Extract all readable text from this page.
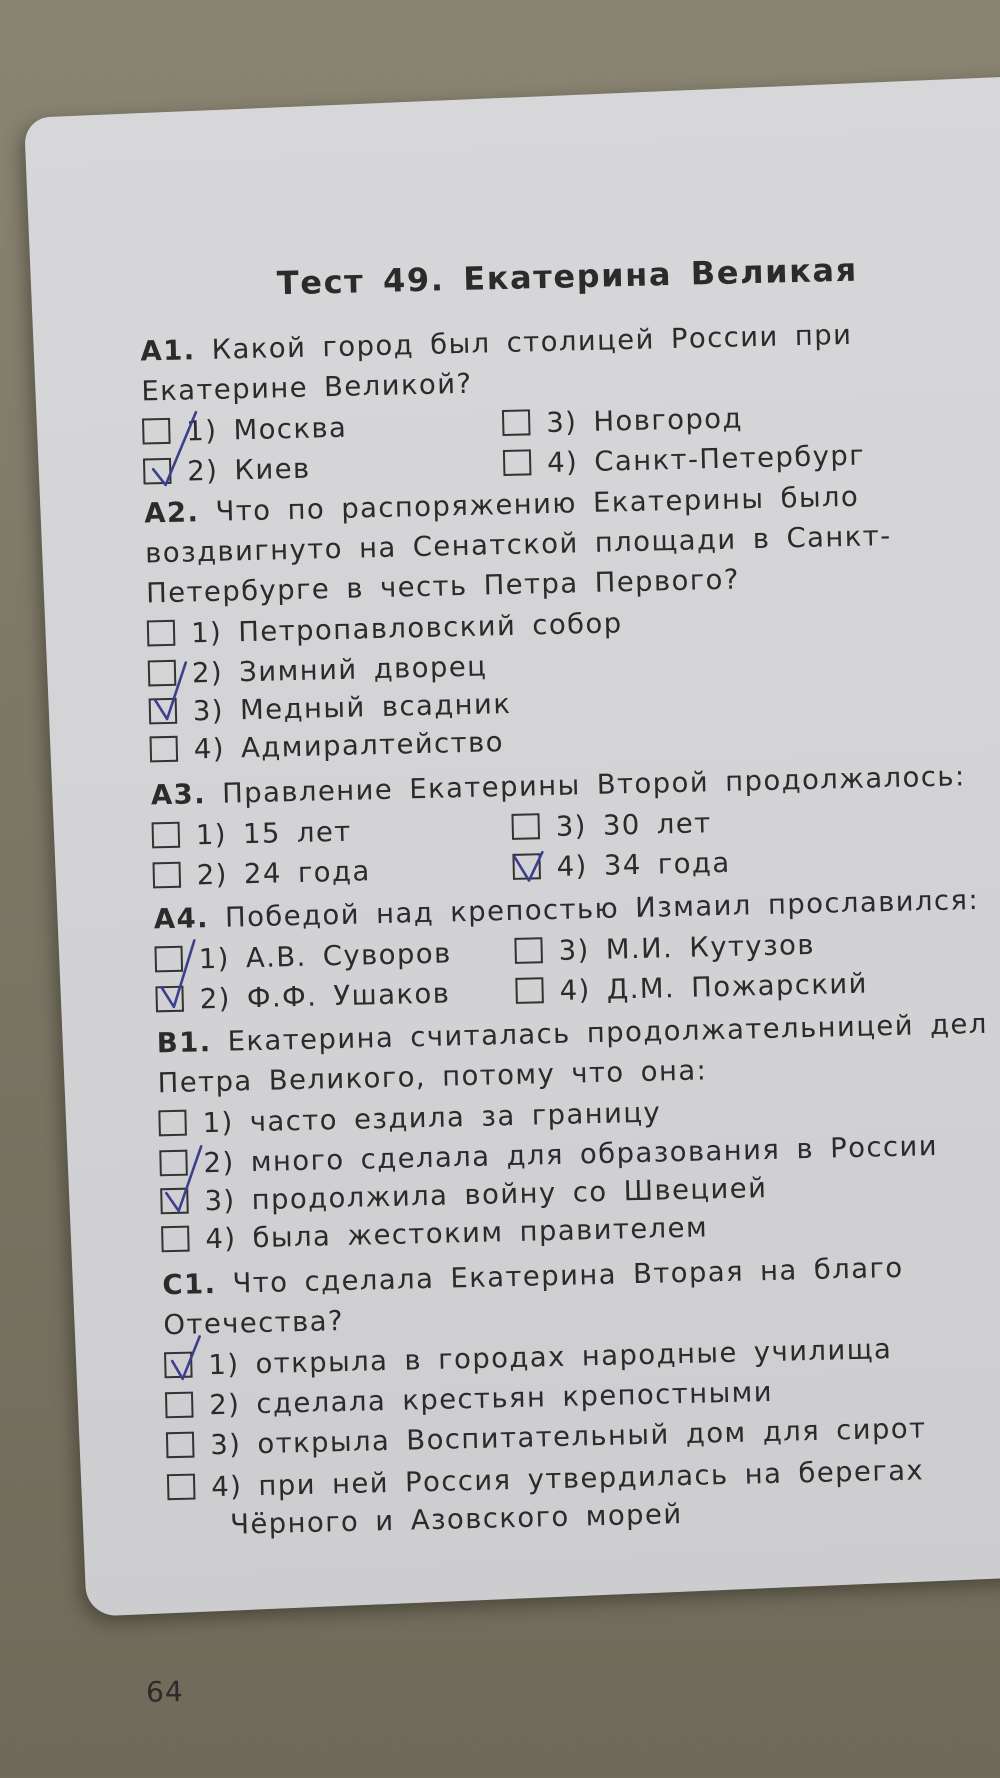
Тест 49. Екатерина Великая
А1. Какой город был столицей России при Екатерине Великой?
1) Москва
2) Киев
3) Новгород
4) Санкт-Петербург
А2. Что по распоряжению Екатерины было воздвигнуто на Сенатской площади в Санкт-Петербурге в честь Петра Первого?
1) Петропавловский собор
2) Зимний дворец
3) Медный всадник
4) Адмиралтейство
А3. Правление Екатерины Второй продолжалось:
1) 15 лет
2) 24 года
3) 30 лет
4) 34 года
А4. Победой над крепостью Измаил прославился:
1) А.В. Суворов
2) Ф.Ф. Ушаков
3) М.И. Кутузов
4) Д.М. Пожарский
В1. Екатерина считалась продолжательницей дел Петра Великого, потому что она:
1) часто ездила за границу
2) много сделала для образования в России
3) продолжила войну со Швецией
4) была жестоким правителем
С1. Что сделала Екатерина Вторая на благо Отечества?
1) открыла в городах народные училища
2) сделала крестьян крепостными
3) открыла Воспитательный дом для сирот
4) при ней Россия утвердилась на берегах Чёрного и Азовского морей
64
